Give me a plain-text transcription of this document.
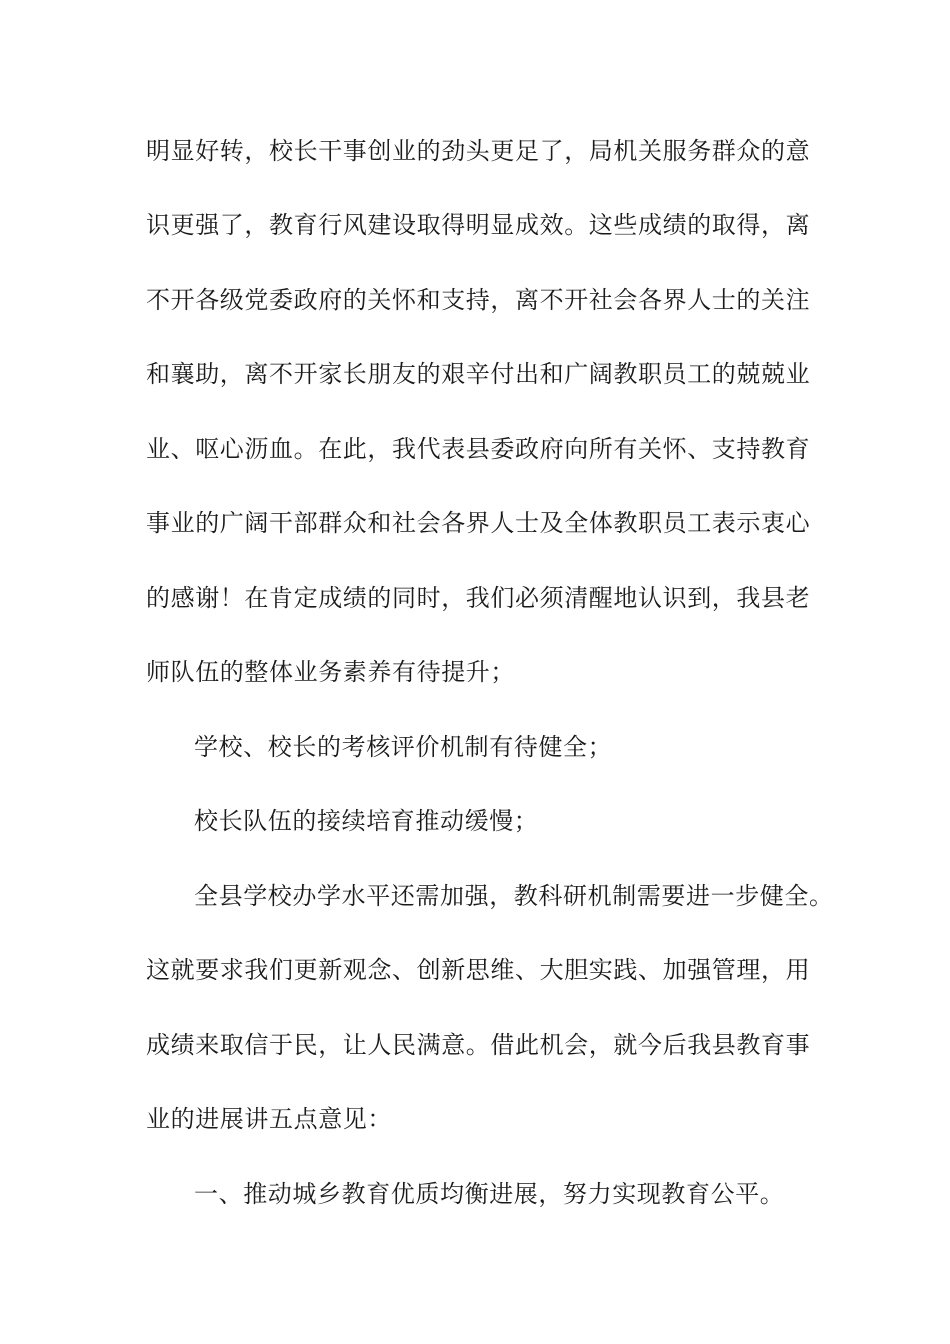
明显好转，校长干事创业的劲头更足了，局机关服务群众的意
识更强了，教育行风建设取得明显成效。这些成绩的取得，离
不开各级党委政府的关怀和支持，离不开社会各界人士的关注
和襄助，离不开家长朋友的艰辛付出和广阔教职员工的兢兢业
业、呕心沥血。在此，我代表县委政府向所有关怀、支持教育
事业的广阔干部群众和社会各界人士及全体教职员工表示衷心
的感谢！在肯定成绩的同时，我们必须清醒地认识到，我县老
师队伍的整体业务素养有待提升；
学校、校长的考核评价机制有待健全；
校长队伍的接续培育推动缓慢；
全县学校办学水平还需加强，教科研机制需要进一步健全。
这就要求我们更新观念、创新思维、大胆实践、加强管理，用
成绩来取信于民，让人民满意。借此机会，就今后我县教育事
业的进展讲五点意见：
一、推动城乡教育优质均衡进展，努力实现教育公平。
